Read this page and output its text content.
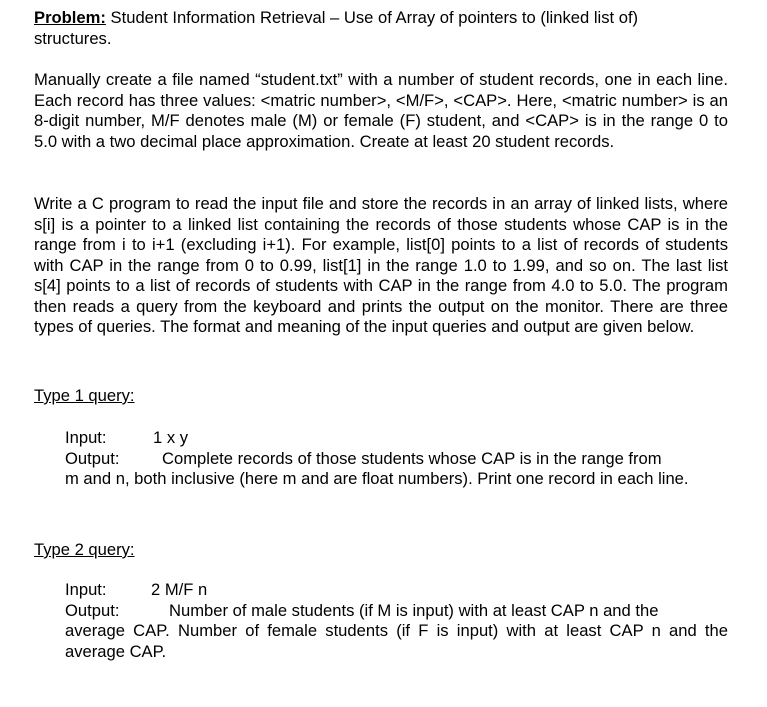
Problem: Student Information Retrieval – Use of Array of pointers to (linked list of)
structures.
Manually create a file named “student.txt” with a number of student records, one in each line. Each record has three values: <matric number>, <M/F>, <CAP>. Here, <matric number> is an 8-digit number, M/F denotes male (M) or female (F) student, and <CAP> is in the range 0 to 5.0 with a two decimal place approximation. Create at least 20 student records.
Write a C program to read the input file and store the records in an array of linked lists, where s[i] is a pointer to a linked list containing the records of those students whose CAP is in the range from i to i+1 (excluding i+1). For example, list[0] points to a list of records of students with CAP in the range from 0 to 0.99, list[1] in the range 1.0 to 1.99, and so on. The last list s[4] points to a list of records of students with CAP in the range from 4.0 to 5.0. The program then reads a query from the keyboard and prints the output on the monitor. There are three types of queries. The format and meaning of the input queries and output are given below.
Type 1 query:
Input:	1 x y
Output:	Complete records of those students whose CAP is in the range from
m and n, both inclusive (here m and are float numbers). Print one record in each line.
Type 2 query:
Input:	2 M/F n
Output:	Number of male students (if M is input) with at least CAP n and the
average CAP. Number of female students (if F is input) with at least CAP n and the average CAP.
